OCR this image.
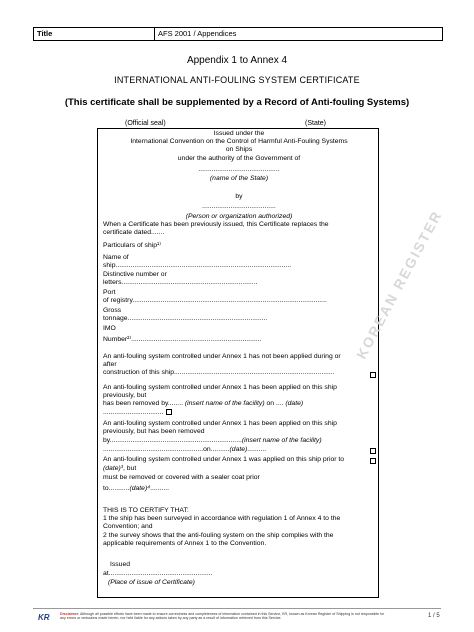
Title	AFS 2001 / Appendices
Appendix 1 to Annex 4
INTERNATIONAL ANTI-FOULING SYSTEM CERTIFICATE
(This certificate shall be supplemented by a Record of Anti-fouling Systems)
(Official seal)	(State)
KOREAN REGISTER
Issued under the
International Convention on the Control of Harmful Anti-Fouling Systems
on Ships
under the authority of the Government of
...........................................
(name of the State)
by
.......................................
(Person or organization authorized)
When a Certificate has been previously issued, this Certificate replaces the
certificate dated.......
Particulars of ship¹⁾
Name of
ship.............................................................................................
Distinctive number or
letters........................................................................
Port
of registry.......................................................................................................
Gross
tonnage..........................................................................
IMO
Number²⁾.....................................................................
An anti-fouling system controlled under Annex 1 has not been applied during or
after
construction of this ship.....................................................................................
An anti-fouling system controlled under Annex 1 has been applied on this ship
previously, but
has been removed by........ (insert name of the facility) on .... (date)
................................
An anti-fouling system controlled under Annex 1 has been applied on this ship
previously, but has been removed
by......................................................................(insert name of the facility)
.....................................................on..........(date)..........
An anti-fouling system controlled under Annex 1 was applied on this ship prior to
(date)³, but
must be removed or covered with a sealer coat prior
to...........(date)⁴..........
THIS IS TO CERTIFY THAT:
1 the ship has been surveyed in accordance with regulation 1 of Annex 4 to the
Convention; and
2 the survey shows that the anti-fouling system on the ship complies with the
applicable requirements of Annex 1 to the Convention.
Issued
at.......................................................
(Place of issue of Certificate)
KR	Disclaimer: Although all possible efforts have been made to ensure correctness and completeness of information contained in this Service, KR, known as Korean Register of Shipping is not responsible for any errors or omissions made herein, nor held liable for any actions taken by any party as a result of information retrieved from this Service.	1 / 5
